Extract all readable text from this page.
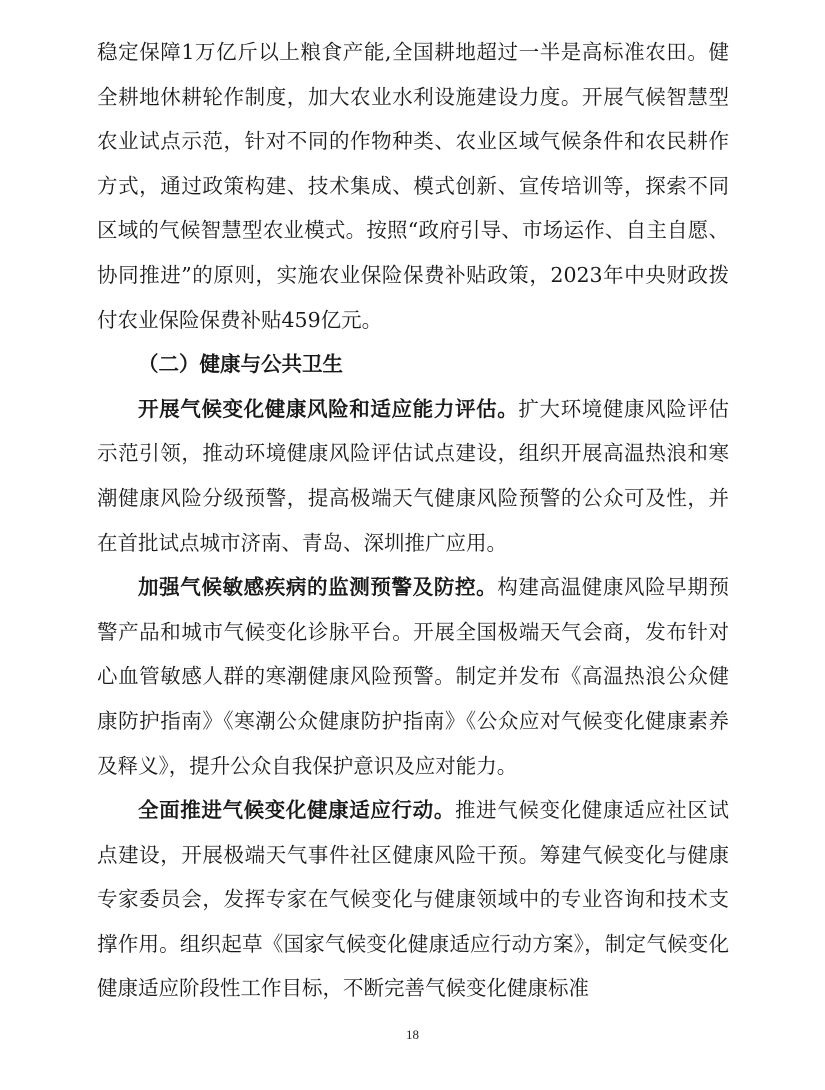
稳定保障1万亿斤以上粮食产能,全国耕地超过一半是高标准农田。健全耕地休耕轮作制度，加大农业水利设施建设力度。开展气候智慧型农业试点示范，针对不同的作物种类、农业区域气候条件和农民耕作方式，通过政策构建、技术集成、模式创新、宣传培训等，探索不同区域的气候智慧型农业模式。按照“政府引导、市场运作、自主自愿、协同推进”的原则，实施农业保险保费补贴政策，2023年中央财政拨付农业保险保费补贴459亿元。

（二）健康与公共卫生

开展气候变化健康风险和适应能力评估。扩大环境健康风险评估示范引领，推动环境健康风险评估试点建设，组织开展高温热浪和寒潮健康风险分级预警，提高极端天气健康风险预警的公众可及性，并在首批试点城市济南、青岛、深圳推广应用。

加强气候敏感疾病的监测预警及防控。构建高温健康风险早期预警产品和城市气候变化诊脉平台。开展全国极端天气会商，发布针对心血管敏感人群的寒潮健康风险预警。制定并发布《高温热浪公众健康防护指南》《寒潮公众健康防护指南》《公众应对气候变化健康素养及释义》，提升公众自我保护意识及应对能力。

全面推进气候变化健康适应行动。推进气候变化健康适应社区试点建设，开展极端天气事件社区健康风险干预。筹建气候变化与健康专家委员会，发挥专家在气候变化与健康领域中的专业咨询和技术支撑作用。组织起草《国家气候变化健康适应行动方案》，制定气候变化健康适应阶段性工作目标，不断完善气候变化健康标准

18
